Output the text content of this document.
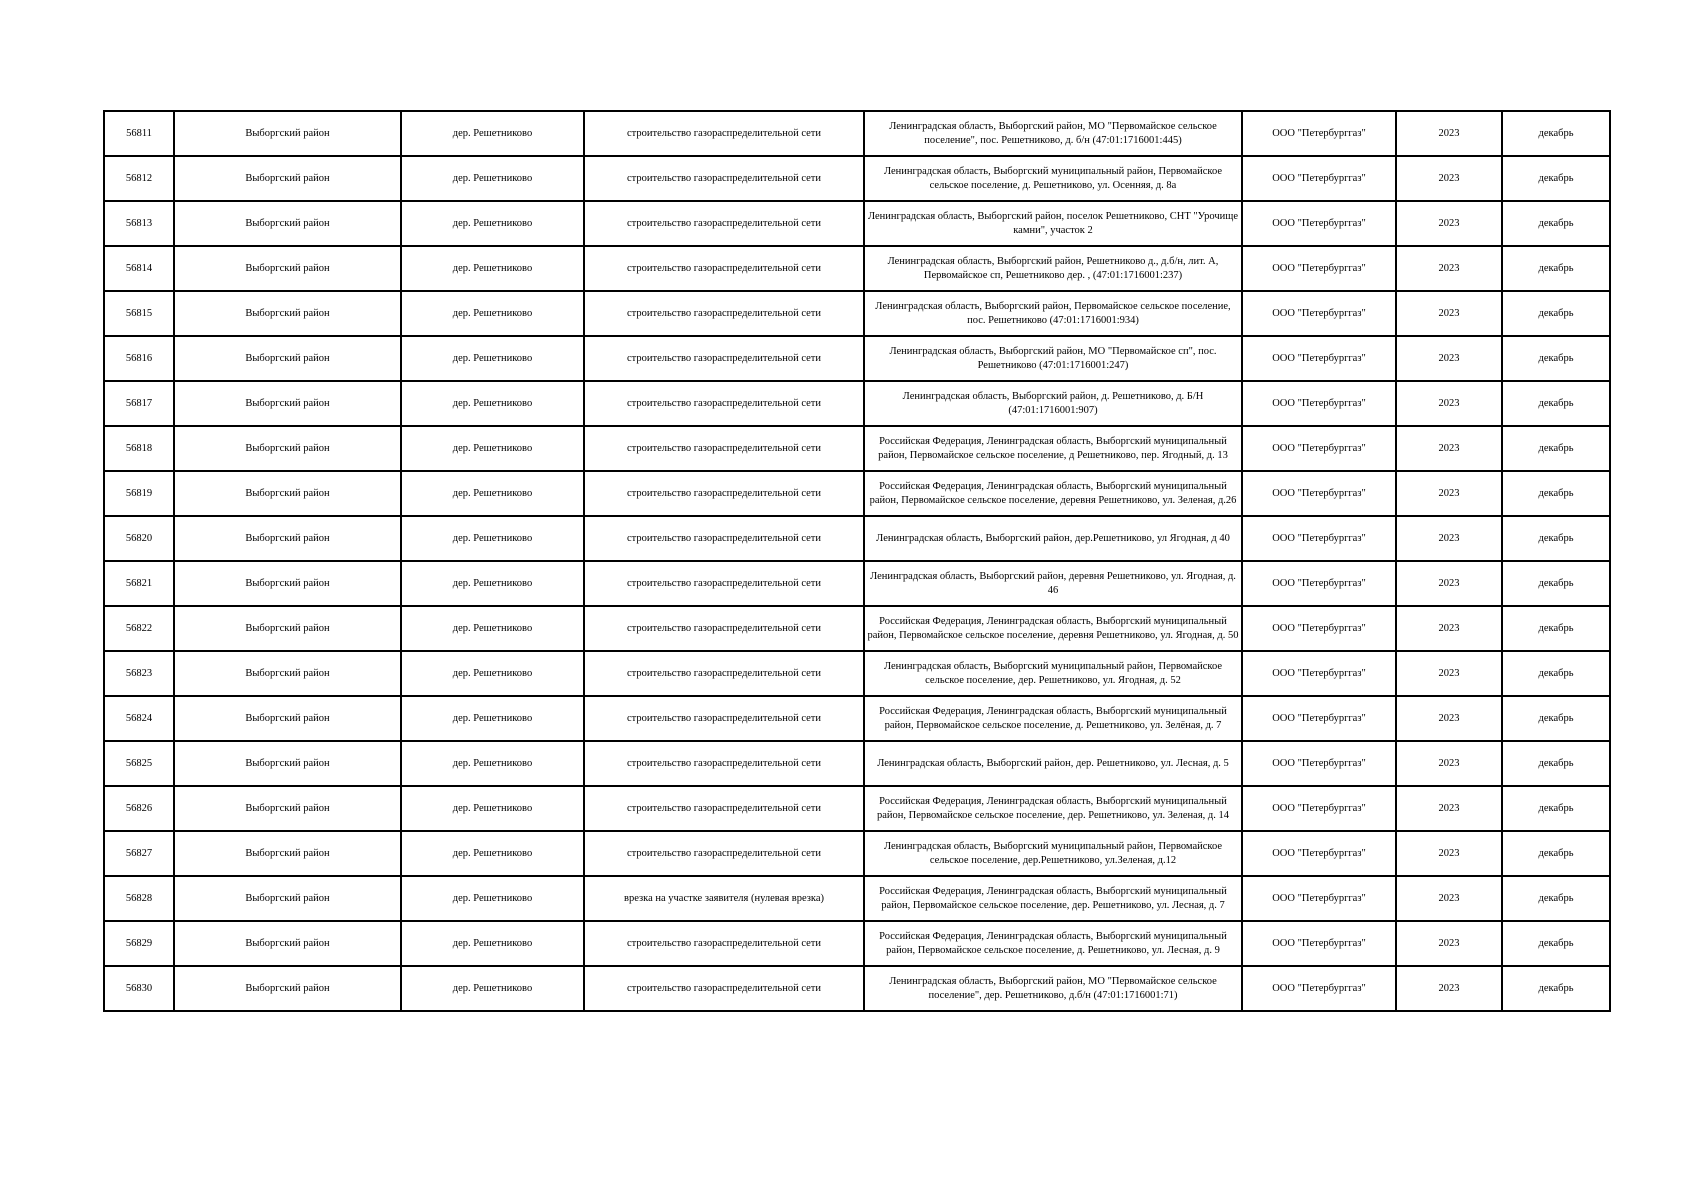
56811	Выборгский район	дер. Решетниково	строительство газораспределительной сети	Ленинградская область, Выборгский район, МО "Первомайское сельское поселение", пос. Решетниково, д. б/н (47:01:1716001:445)	ООО "Петербурггаз"	2023	декабрь
56812	Выборгский район	дер. Решетниково	строительство газораспределительной сети	Ленинградская область, Выборгский муниципальный район, Первомайское сельское поселение, д. Решетниково, ул. Осенняя, д. 8а	ООО "Петербурггаз"	2023	декабрь
56813	Выборгский район	дер. Решетниково	строительство газораспределительной сети	Ленинградская область, Выборгский район, поселок Решетниково, СНТ "Урочище камни", участок 2	ООО "Петербурггаз"	2023	декабрь
56814	Выборгский район	дер. Решетниково	строительство газораспределительной сети	Ленинградская область, Выборгский район, Решетниково д., д.б/н, лит. А, Первомайское сп, Решетниково дер. , (47:01:1716001:237)	ООО "Петербурггаз"	2023	декабрь
56815	Выборгский район	дер. Решетниково	строительство газораспределительной сети	Ленинградская область, Выборгский район, Первомайское сельское поселение, пос. Решетниково (47:01:1716001:934)	ООО "Петербурггаз"	2023	декабрь
56816	Выборгский район	дер. Решетниково	строительство газораспределительной сети	Ленинградская область, Выборгский район, МО "Первомайское сп", пос. Решетниково (47:01:1716001:247)	ООО "Петербурггаз"	2023	декабрь
56817	Выборгский район	дер. Решетниково	строительство газораспределительной сети	Ленинградская область, Выборгский район, д. Решетниково, д. Б/Н (47:01:1716001:907)	ООО "Петербурггаз"	2023	декабрь
56818	Выборгский район	дер. Решетниково	строительство газораспределительной сети	Российская Федерация, Ленинградская область, Выборгский муниципальный район, Первомайское сельское поселение, д Решетниково, пер. Ягодный, д. 13	ООО "Петербурггаз"	2023	декабрь
56819	Выборгский район	дер. Решетниково	строительство газораспределительной сети	Российская Федерация, Ленинградская область, Выборгский муниципальный район, Первомайское сельское поселение, деревня Решетниково, ул. Зеленая, д.26	ООО "Петербурггаз"	2023	декабрь
56820	Выборгский район	дер. Решетниково	строительство газораспределительной сети	Ленинградская область, Выборгский район, дер.Решетниково, ул Ягодная, д 40	ООО "Петербурггаз"	2023	декабрь
56821	Выборгский район	дер. Решетниково	строительство газораспределительной сети	Ленинградская область, Выборгский район, деревня Решетниково, ул. Ягодная, д. 46	ООО "Петербурггаз"	2023	декабрь
56822	Выборгский район	дер. Решетниково	строительство газораспределительной сети	Российская Федерация, Ленинградская область, Выборгский муниципальный район, Первомайское сельское поселение, деревня Решетниково, ул. Ягодная, д. 50	ООО "Петербурггаз"	2023	декабрь
56823	Выборгский район	дер. Решетниково	строительство газораспределительной сети	Ленинградская область, Выборгский муниципальный район, Первомайское сельское поселение, дер. Решетниково, ул. Ягодная, д. 52	ООО "Петербурггаз"	2023	декабрь
56824	Выборгский район	дер. Решетниково	строительство газораспределительной сети	Российская Федерация, Ленинградская область, Выборгский муниципальный район, Первомайское сельское поселение, д. Решетниково, ул. Зелёная, д. 7	ООО "Петербурггаз"	2023	декабрь
56825	Выборгский район	дер. Решетниково	строительство газораспределительной сети	Ленинградская область, Выборгский район, дер. Решетниково, ул. Лесная, д. 5	ООО "Петербурггаз"	2023	декабрь
56826	Выборгский район	дер. Решетниково	строительство газораспределительной сети	Российская Федерация, Ленинградская область, Выборгский муниципальный район, Первомайское сельское поселение, дер. Решетниково, ул. Зеленая, д. 14	ООО "Петербурггаз"	2023	декабрь
56827	Выборгский район	дер. Решетниково	строительство газораспределительной сети	Ленинградская область, Выборгский муниципальный район, Первомайское сельское поселение, дер.Решетниково, ул.Зеленая, д.12	ООО "Петербурггаз"	2023	декабрь
56828	Выборгский район	дер. Решетниково	врезка на участке заявителя (нулевая врезка)	Российская Федерация, Ленинградская область, Выборгский муниципальный район, Первомайское сельское поселение, дер. Решетниково, ул. Лесная, д. 7	ООО "Петербурггаз"	2023	декабрь
56829	Выборгский район	дер. Решетниково	строительство газораспределительной сети	Российская Федерация, Ленинградская область, Выборгский муниципальный район, Первомайское сельское поселение, д. Решетниково, ул. Лесная, д. 9	ООО "Петербурггаз"	2023	декабрь
56830	Выборгский район	дер. Решетниково	строительство газораспределительной сети	Ленинградская область, Выборгский район, МО "Первомайское сельское поселение", дер. Решетниково, д.б/н (47:01:1716001:71)	ООО "Петербурггаз"	2023	декабрь
